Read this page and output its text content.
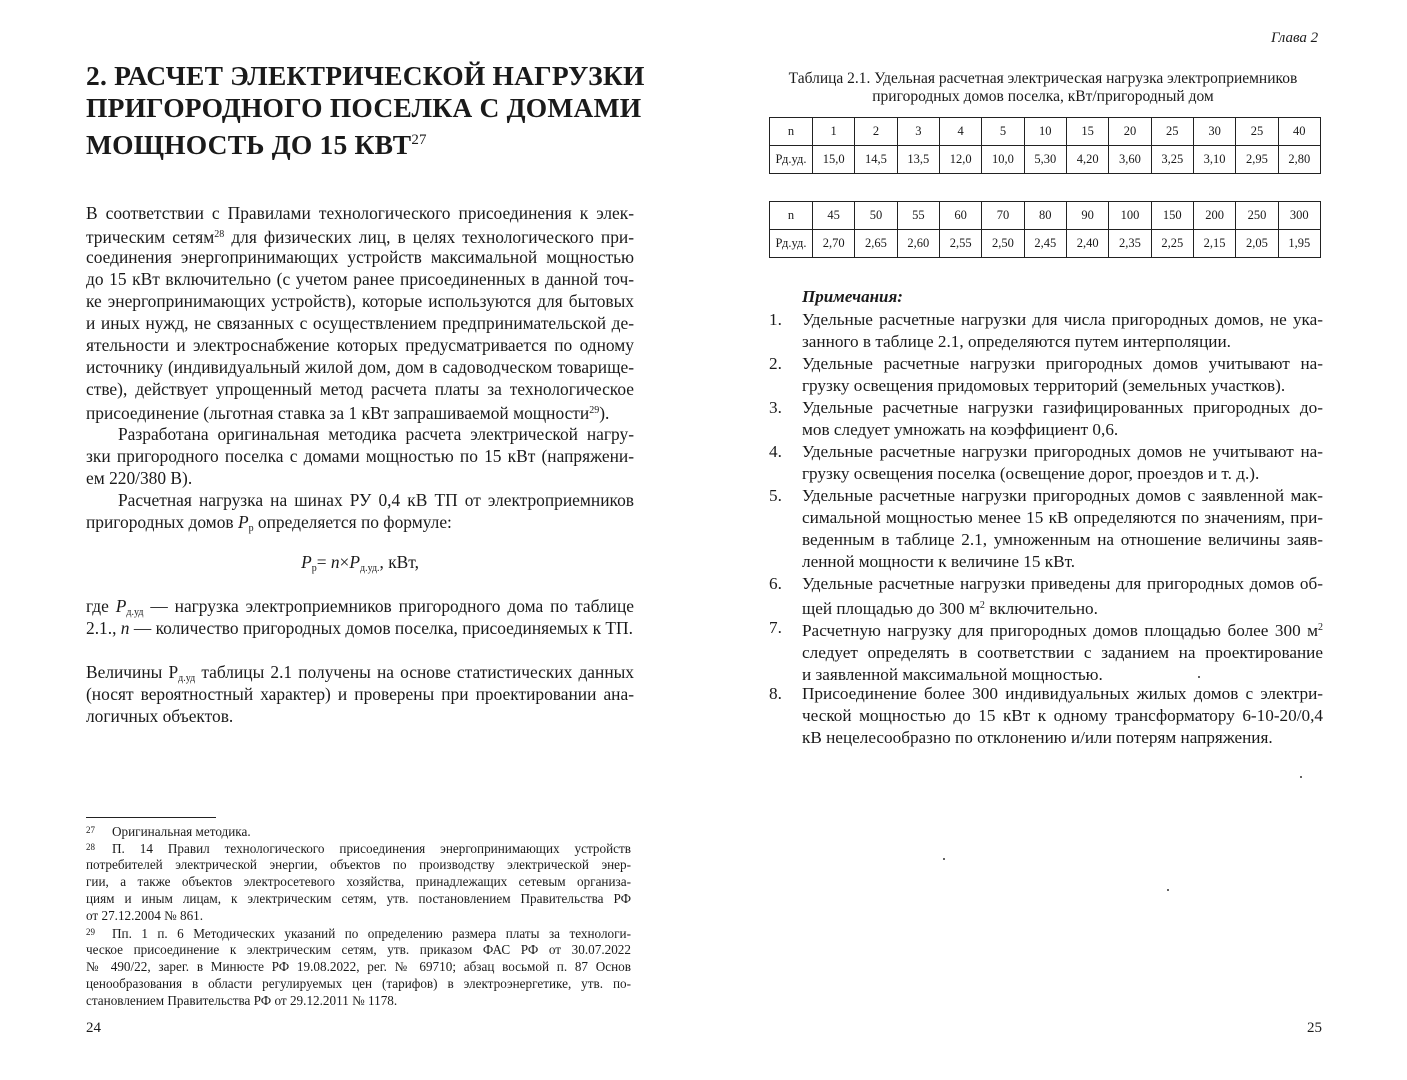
2. РАСЧЕТ ЭЛЕКТРИЧЕСКОЙ НАГРУЗКИ
ПРИГОРОДНОГО ПОСЕЛКА С ДОМАМИ
МОЩНОСТЬ ДО 15 КВТ$^{27}$
В соответствии с Правилами технологического присоединения к элек-
трическим сетям$^{28}$ для физических лиц, в целях технологического при-
соединения энергопринимающих устройств максимальной мощностью
до 15 кВт включительно (с учетом ранее присоединенных в данной точ-
ке энергопринимающих устройств), которые используются для бытовых
и иных нужд, не связанных с осуществлением предпринимательской де-
ятельности и электроснабжение которых предусматривается по одному
источнику (индивидуальный жилой дом, дом в садоводческом товарище-
стве), действует упрощенный метод расчета платы за технологическое
присоединение (льготная ставка за 1 кВт запрашиваемой мощности$^{29}$).
Разработана оригинальная методика расчета электрической нагру-
зки пригородного поселка с домами мощностью по 15 кВт (напряжени-
ем 220/380 В).
Расчетная нагрузка на шинах РУ 0,4 кВ ТП от электроприемников
пригородных домов $P_р$ определяется по формуле:
$P_р= n\times P_{д.уд.}$, кВт,
где $P_{д.уд}$ — нагрузка электроприемников пригородного дома по таблице
2.1., n — количество пригородных домов поселка, присоединяемых к ТП.
Величины $Р_{д.уд}$ таблицы 2.1 получены на основе статистических данных
(носят вероятностный характер) и проверены при проектировании ана-
логичных объектов.
27 Оригинальная методика.
28 П. 14 Правил технологического присоединения энергопринимающих устройств
потребителей электрической энергии, объектов по производству электрической энер-
гии, а также объектов электросетевого хозяйства, принадлежащих сетевым организа-
циям и иным лицам, к электрическим сетям, утв. постановлением Правительства РФ
от 27.12.2004 № 861.
29 Пп. 1 п. 6 Методических указаний по определению размера платы за технологи-
ческое присоединение к электрическим сетям, утв. приказом ФАС РФ от 30.07.2022
№ 490/22, зарег. в Минюсте РФ 19.08.2022, рег. № 69710; абзац восьмой п. 87 Основ
ценообразования в области регулируемых цен (тарифов) в электроэнергетике, утв. по-
становлением Правительства РФ от 29.12.2011 № 1178.
24
Глава 2
Таблица 2.1. Удельная расчетная электрическая нагрузка электроприемников
пригородных домов поселка, кВт/пригородный дом
n	1	2	3	4	5	10	15	20	25	30	25	40
Рд.уд.	15,0	14,5	13,5	12,0	10,0	5,30	4,20	3,60	3,25	3,10	2,95	2,80
n	45	50	55	60	70	80	90	100	150	200	250	300
Рд.уд.	2,70	2,65	2,60	2,55	2,50	2,45	2,40	2,35	2,25	2,15	2,05	1,95
Примечания:
1. Удельные расчетные нагрузки для числа пригородных домов, не ука-
занного в таблице 2.1, определяются путем интерполяции.
2. Удельные расчетные нагрузки пригородных домов учитывают на-
грузку освещения придомовых территорий (земельных участков).
3. Удельные расчетные нагрузки газифицированных пригородных до-
мов следует умножать на коэффициент 0,6.
4. Удельные расчетные нагрузки пригородных домов не учитывают на-
грузку освещения поселка (освещение дорог, проездов и т. д.).
5. Удельные расчетные нагрузки пригородных домов с заявленной мак-
симальной мощностью менее 15 кВ определяются по значениям, при-
веденным в таблице 2.1, умноженным на отношение величины заяв-
ленной мощности к величине 15 кВт.
6. Удельные расчетные нагрузки приведены для пригородных домов об-
щей площадью до 300 $м^2$ включительно.
7. Расчетную нагрузку для пригородных домов площадью более 300 $м^2$
следует определять в соответствии с заданием на проектирование
и заявленной максимальной мощностью.
8. Присоединение более 300 индивидуальных жилых домов с электри-
ческой мощностью до 15 кВт к одному трансформатору 6-10-20/0,4
кВ нецелесообразно по отклонению и/или потерям напряжения.
25
